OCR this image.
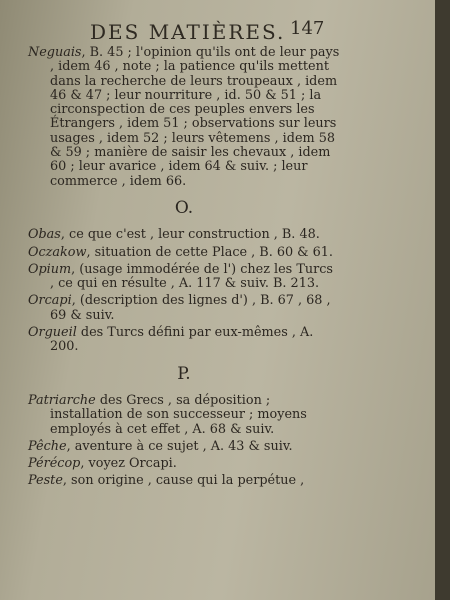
DES MATIÈRES. 147

Neguais, B. 45 ; l'opinion qu'ils ont de leur pays , idem 46 , note ; la patience qu'ils mettent dans la recherche de leurs troupeaux , idem 46 & 47 ; leur nourriture , id. 50 & 51 ; la circonspection de ces peuples envers les Étrangers , idem 51 ; observations sur leurs usages , idem 52 ; leurs vêtemens , idem 58 & 59 ; manière de saisir les chevaux , idem 60 ; leur avarice , idem 64 & suiv. ; leur commerce , idem 66.

O.

Obas, ce que c'est , leur construction , B. 48.

Oczakow, situation de cette Place , B. 60 & 61.

Opium, (usage immodérée de l') chez les Turcs , ce qui en résulte , A. 117 & suiv. B. 213.

Orcapi, (description des lignes d') , B. 67 , 68 , 69 & suiv.

Orgueil des Turcs défini par eux-mêmes , A. 200.

P.

Patriarche des Grecs , sa déposition ; installation de son successeur ; moyens employés à cet effet , A. 68 & suiv.

Pêche, aventure à ce sujet , A. 43 & suiv.

Pérécop, voyez Orcapi.

Peste, son origine , cause qui la perpétue ,
